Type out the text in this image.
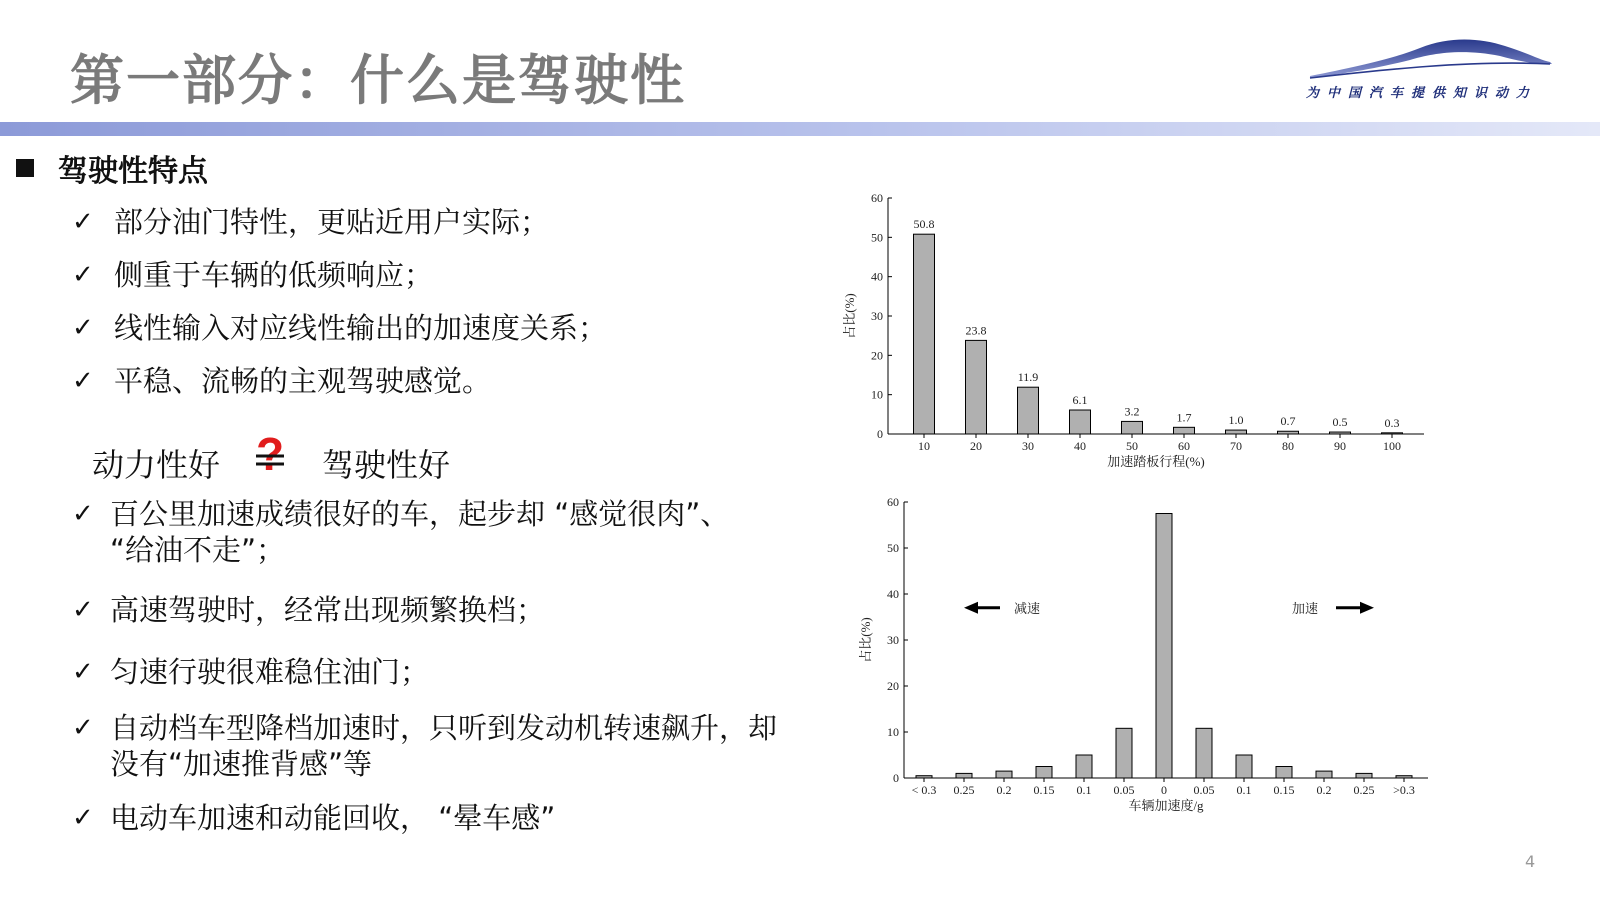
第一部分：什么是驾驶性	为中国汽车提供知识动力
驾驶性特点
✓ 部分油门特性，更贴近用户实际；
✓ 侧重于车辆的低频响应；
✓ 线性输入对应线性输出的加速度关系；
✓ 平稳、流畅的主观驾驶感觉。
动力性好 ? 驾驶性好
✓ 百公里加速成绩很好的车，起步却 “感觉很肉”、
“给油不走”；
✓ 高速驾驶时，经常出现频繁换档；
✓ 匀速行驶很难稳住油门；
✓ 自动档车型降档加速时，只听到发动机转速飙升，却
没有“加速推背感”等
✓ 电动车加速和动能回收， “晕车感”
0
10
20
30
40
50
60
10
50.8
20
23.8
30
11.9
40
6.1
50
3.2
60
1.7
70
1.0
80
0.7
90
0.5
100
0.3
加速踏板行程(%)
占比(%)
0
10
20
30
40
50
60
< 0.3 0.25 0.2 0.15 0.1 0.05 0 0.05 0.1 0.15 0.2 0.25 >0.3
车辆加速度/g
占比(%)
减速	加速
4
